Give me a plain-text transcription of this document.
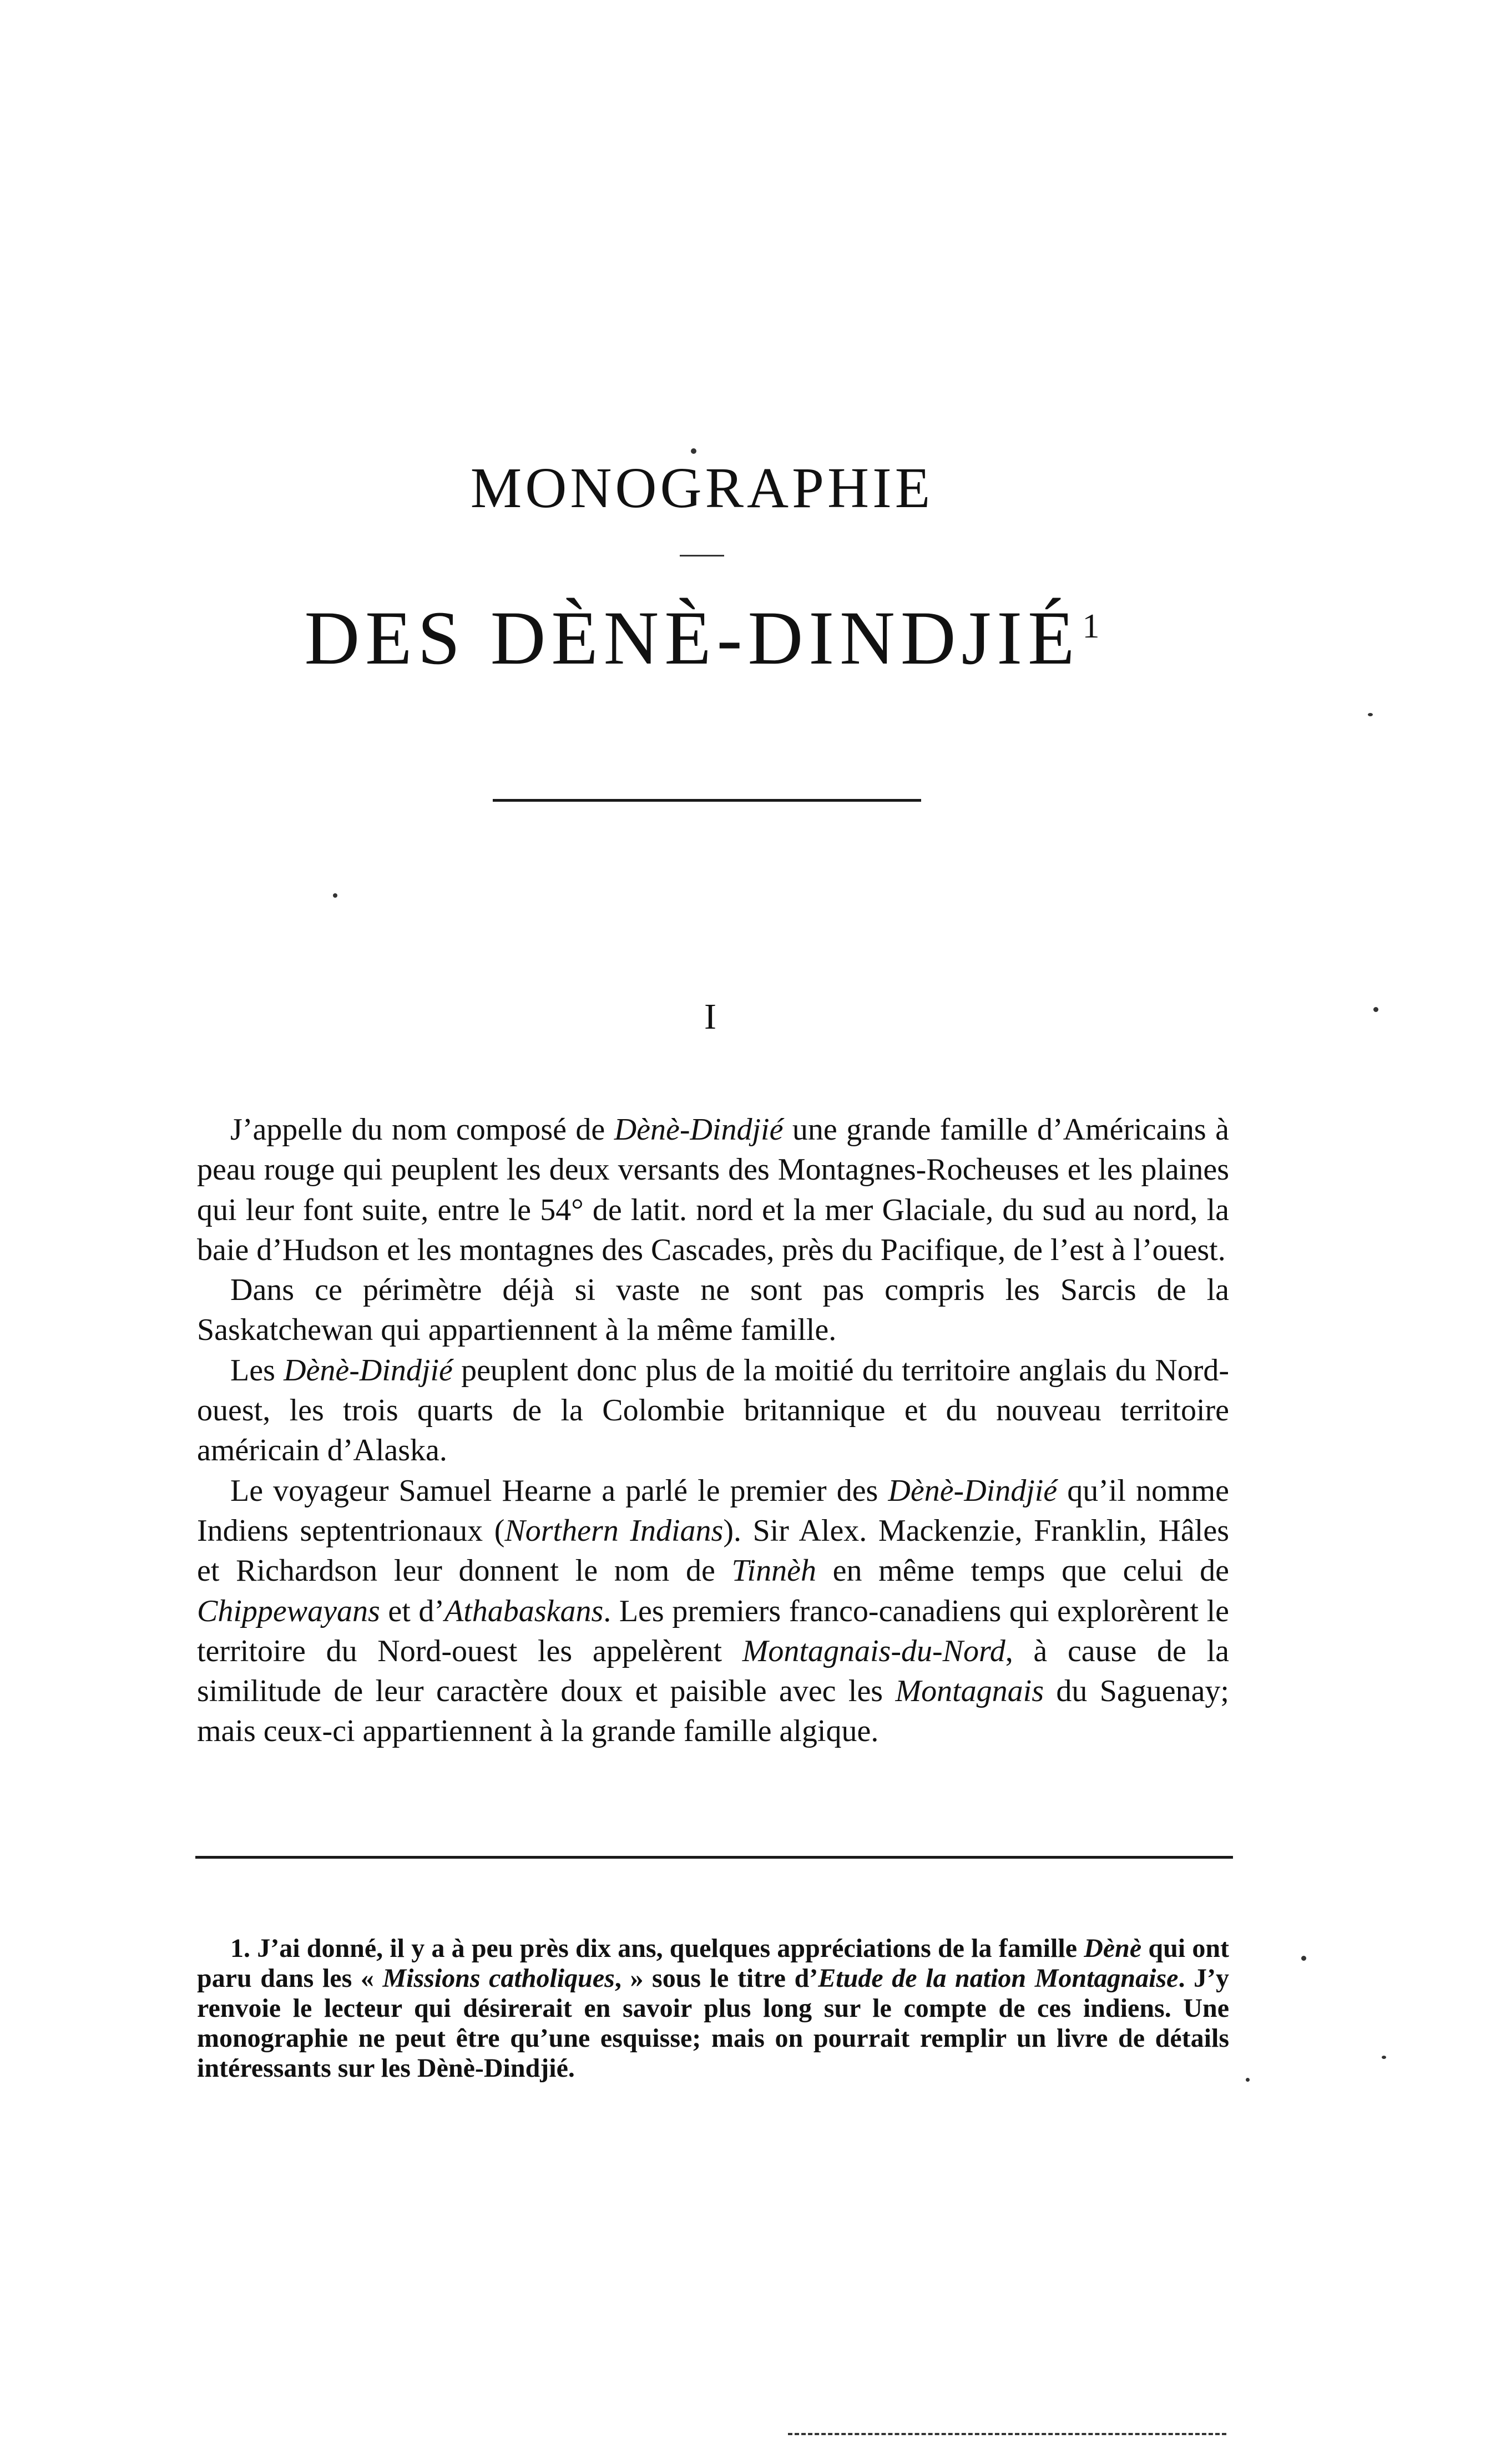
MONOGRAPHIE
DES DÈNÈ-DINDJIÉ$^1$
I

J’appelle du nom composé de Dènè-Dindjié une grande famille d’Américains à peau rouge qui peuplent les deux versants des Montagnes-Rocheuses et les plaines qui leur font suite, entre le 54° de latit. nord et la mer Glaciale, du sud au nord, la baie d’Hudson et les montagnes des Cascades, près du Pacifique, de l’est à l’ouest.

Dans ce périmètre déjà si vaste ne sont pas compris les Sarcis de la Saskatchewan qui appartiennent à la même famille.

Les Dènè-Dindjié peuplent donc plus de la moitié du territoire anglais du Nord-ouest, les trois quarts de la Colombie britannique et du nouveau territoire américain d’Alaska.

Le voyageur Samuel Hearne a parlé le premier des Dènè-Dindjié qu’il nomme Indiens septentrionaux (Northern Indians). Sir Alex. Mackenzie, Franklin, Hâles et Richardson leur donnent le nom de Tinnèh en même temps que celui de Chippewayans et d’Athabaskans. Les premiers franco-canadiens qui explorèrent le territoire du Nord-ouest les appelèrent Montagnais-du-Nord, à cause de la similitude de leur caractère doux et paisible avec les Montagnais du Saguenay; mais ceux-ci appartiennent à la grande famille algique.

1. J’ai donné, il y a à peu près dix ans, quelques appréciations de la famille Dènè qui ont paru dans les « Missions catholiques, » sous le titre d’Etude de la nation Montagnaise. J’y renvoie le lecteur qui désirerait en savoir plus long sur le compte de ces indiens. Une monographie ne peut être qu’une esquisse; mais on pourrait remplir un livre de détails intéressants sur les Dènè-Dindjié.
